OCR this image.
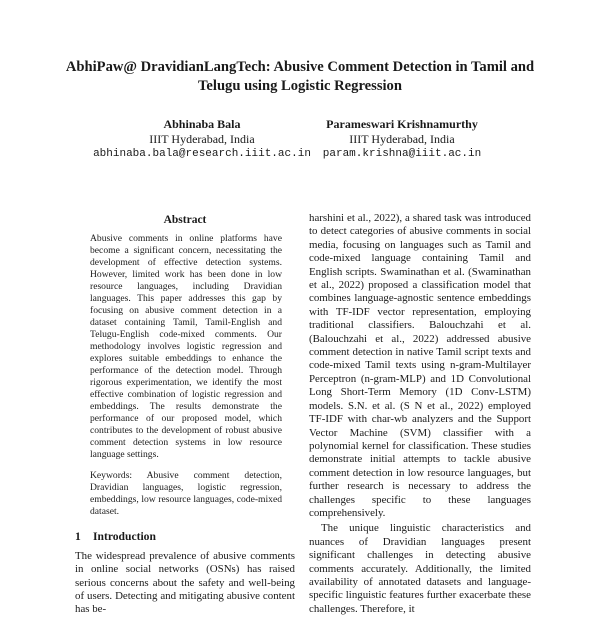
AbhiPaw@ DravidianLangTech: Abusive Comment Detection in Tamil and
Telugu using Logistic Regression
Abhinaba Bala
IIIT Hyderabad, India
abhinaba.bala@research.iiit.ac.in
Parameswari Krishnamurthy
IIIT Hyderabad, India
param.krishna@iiit.ac.in
Abstract
Abusive comments in online platforms have become a significant concern, necessitating the development of effective detection systems. However, limited work has been done in low resource languages, including Dravidian languages. This paper addresses this gap by focusing on abusive comment detection in a dataset containing Tamil, Tamil-English and Telugu-English code-mixed comments. Our methodology involves logistic regression and explores suitable embeddings to enhance the performance of the detection model. Through rigorous experimentation, we identify the most effective combination of logistic regression and embeddings. The results demonstrate the performance of our proposed model, which contributes to the development of robust abusive comment detection systems in low resource language settings.
Keywords: Abusive comment detection, Dravidian languages, logistic regression, embeddings, low resource languages, code-mixed dataset.
1 Introduction

The widespread prevalence of abusive comments in online social networks (OSNs) has raised serious concerns about the safety and well-being of users. Detecting and mitigating abusive content has be-

harshini et al., 2022), a shared task was introduced to detect categories of abusive comments in social media, focusing on languages such as Tamil and code-mixed language containing Tamil and English scripts. Swaminathan et al. (Swaminathan et al., 2022) proposed a classification model that combines language-agnostic sentence embeddings with TF-IDF vector representation, employing traditional classifiers. Balouchzahi et al. (Balouchzahi et al., 2022) addressed abusive comment detection in native Tamil script texts and code-mixed Tamil texts using n-gram-Multilayer Perceptron (n-gram-MLP) and 1D Convolutional Long Short-Term Memory (1D Conv-LSTM) models. S.N. et al. (S N et al., 2022) employed TF-IDF with char-wb analyzers and the Support Vector Machine (SVM) classifier with a polynomial kernel for classification. These studies demonstrate initial attempts to tackle abusive comment detection in low resource languages, but further research is necessary to address the challenges specific to these languages comprehensively.

The unique linguistic characteristics and nuances of Dravidian languages present significant challenges in detecting abusive comments accurately. Additionally, the limited availability of annotated datasets and language-specific linguistic features further exacerbate these challenges. Therefore, it
